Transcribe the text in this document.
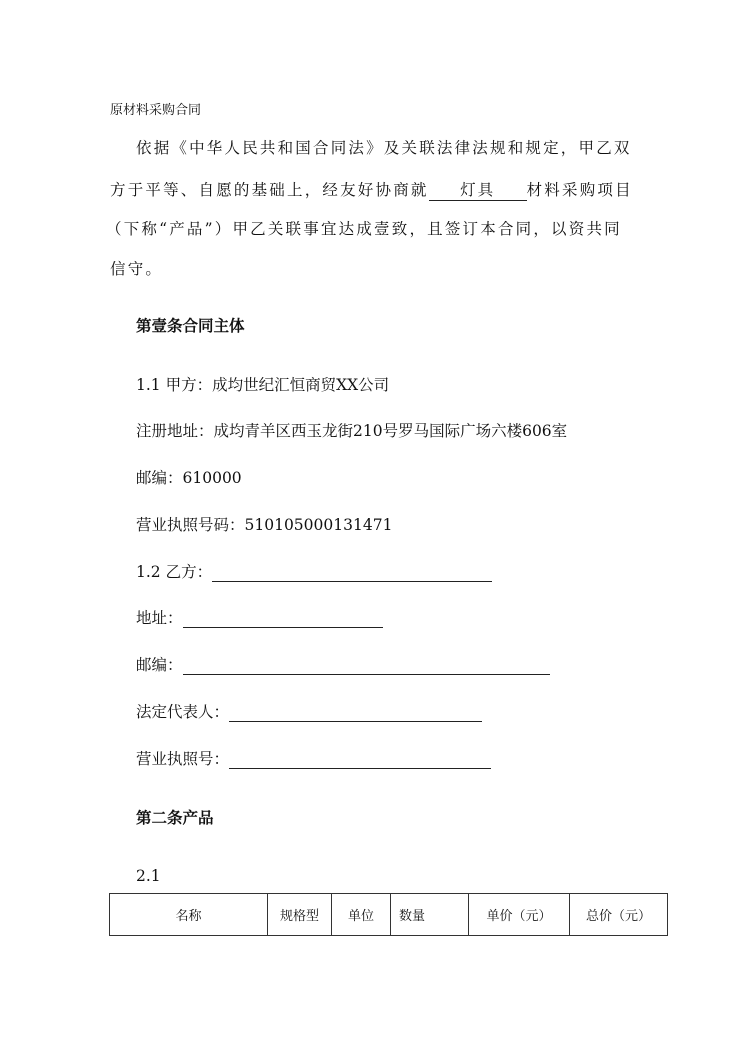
原材料采购合同
依据《中华人民共和国合同法》及关联法律法规和规定，甲乙双
方于平等、自愿的基础上，经友好协商就 灯具 材料采购项目
（下称“产品”）甲乙关联事宜达成壹致，且签订本合同，以资共同
信守。
第壹条合同主体
1.1 甲方：成均世纪汇恒商贸XX公司
注册地址：成均青羊区西玉龙街210号罗马国际广场六楼606室
邮编：610000
营业执照号码：510105000131471
1.2 乙方：
地址：
邮编：
法定代表人：
营业执照号：
第二条产品
2.1
名称	规格型	单位	数量	单价（元）	总价（元）
